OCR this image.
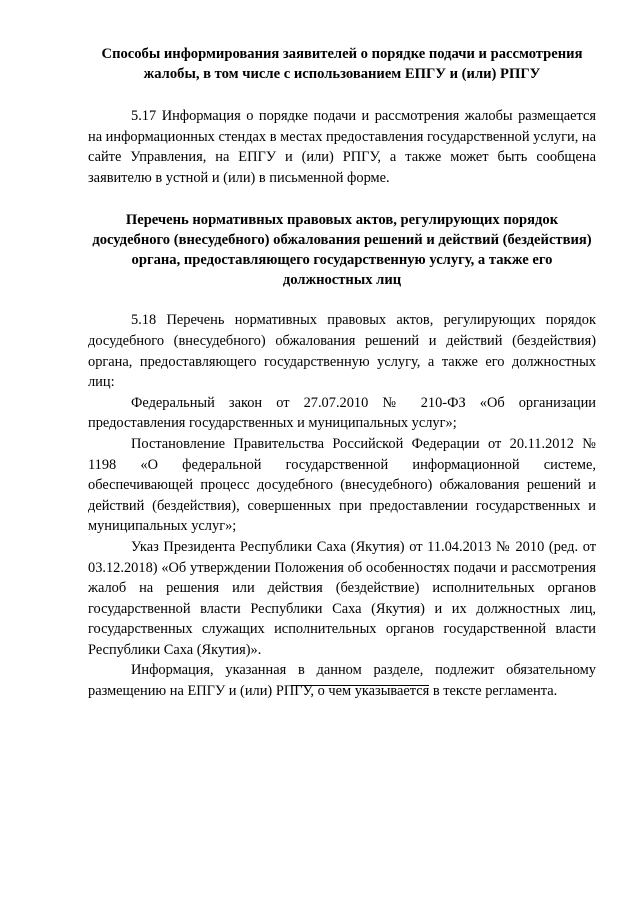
Способы информирования заявителей о порядке подачи и рассмотрения жалобы, в том числе с использованием ЕПГУ и (или) РПГУ

5.17 Информация о порядке подачи и рассмотрения жалобы размещается на информационных стендах в местах предоставления государственной услуги, на сайте Управления, на ЕПГУ и (или) РПГУ, а также может быть сообщена заявителю в устной и (или) в письменной форме.

Перечень нормативных правовых актов, регулирующих порядок досудебного (внесудебного) обжалования решений и действий (бездействия) органа, предоставляющего государственную услугу, а также его должностных лиц

5.18 Перечень нормативных правовых актов, регулирующих порядок досудебного (внесудебного) обжалования решений и действий (бездействия) органа, предоставляющего государственную услугу, а также его должностных лиц:

Федеральный закон от 27.07.2010 № 210-ФЗ «Об организации предоставления государственных и муниципальных услуг»;

Постановление Правительства Российской Федерации от 20.11.2012 № 1198 «О федеральной государственной информационной системе, обеспечивающей процесс досудебного (внесудебного) обжалования решений и действий (бездействия), совершенных при предоставлении государственных и муниципальных услуг»;

Указ Президента Республики Саха (Якутия) от 11.04.2013 № 2010 (ред. от 03.12.2018) «Об утверждении Положения об особенностях подачи и рассмотрения жалоб на решения или действия (бездействие) исполнительных органов государственной власти Республики Саха (Якутия) и их должностных лиц, государственных служащих исполнительных органов государственной власти Республики Саха (Якутия)».

Информация, указанная в данном разделе, подлежит обязательному размещению на ЕПГУ и (или) РПГУ, о чем указывается в тексте регламента.
